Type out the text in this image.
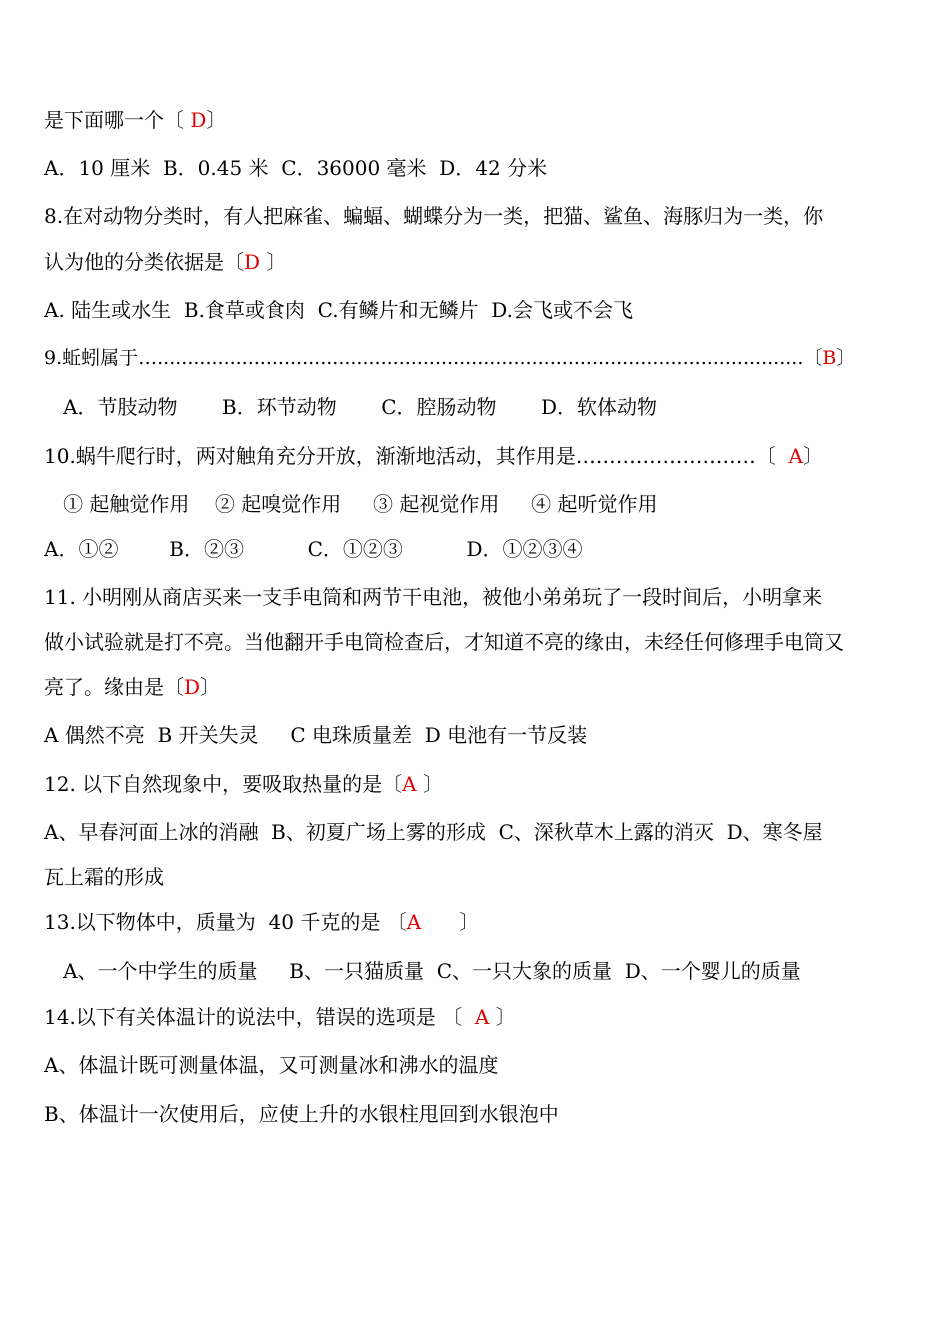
是下面哪一个〔 D〕
A．10 厘米  B．0.45 米  C．36000 毫米  D．42 分米
8.在对动物分类时，有人把麻雀、蝙蝠、蝴蝶分为一类，把猫、鲨鱼、海豚归为一类，你
认为他的分类依据是〔D 〕
A. 陆生或水生  B.食草或食肉  C.有鳞片和无鳞片  D.会飞或不会飞
9.蚯蚓属于…...........................................................................................................〔B〕
A．节肢动物       B．环节动物       C．腔肠动物       D．软体动物
10.蜗牛爬行时，两对触角充分开放，渐渐地活动，其作用是………………………〔  A〕
① 起触觉作用    ② 起嗅觉作用     ③ 起视觉作用     ④ 起听觉作用
A．①②        B．②③          C．①②③          D．①②③④
11. 小明刚从商店买来一支手电筒和两节干电池，被他小弟弟玩了一段时间后，小明拿来
做小试验就是打不亮。当他翻开手电筒检查后，才知道不亮的缘由，未经任何修理手电筒又
亮了。缘由是〔D〕
A 偶然不亮  B 开关失灵     C 电珠质量差  D 电池有一节反装
12. 以下自然现象中，要吸取热量的是〔A 〕
A、早春河面上冰的消融  B、初夏广场上雾的形成  C、深秋草木上露的消灭  D、寒冬屋
瓦上霜的形成
13.以下物体中，质量为  40 千克的是 〔A      〕
A、一个中学生的质量     B、一只猫质量  C、一只大象的质量  D、一个婴儿的质量
14.以下有关体温计的说法中，错误的选项是 〔  A 〕
A、体温计既可测量体温，又可测量冰和沸水的温度
B、体温计一次使用后，应使上升的水银柱甩回到水银泡中
